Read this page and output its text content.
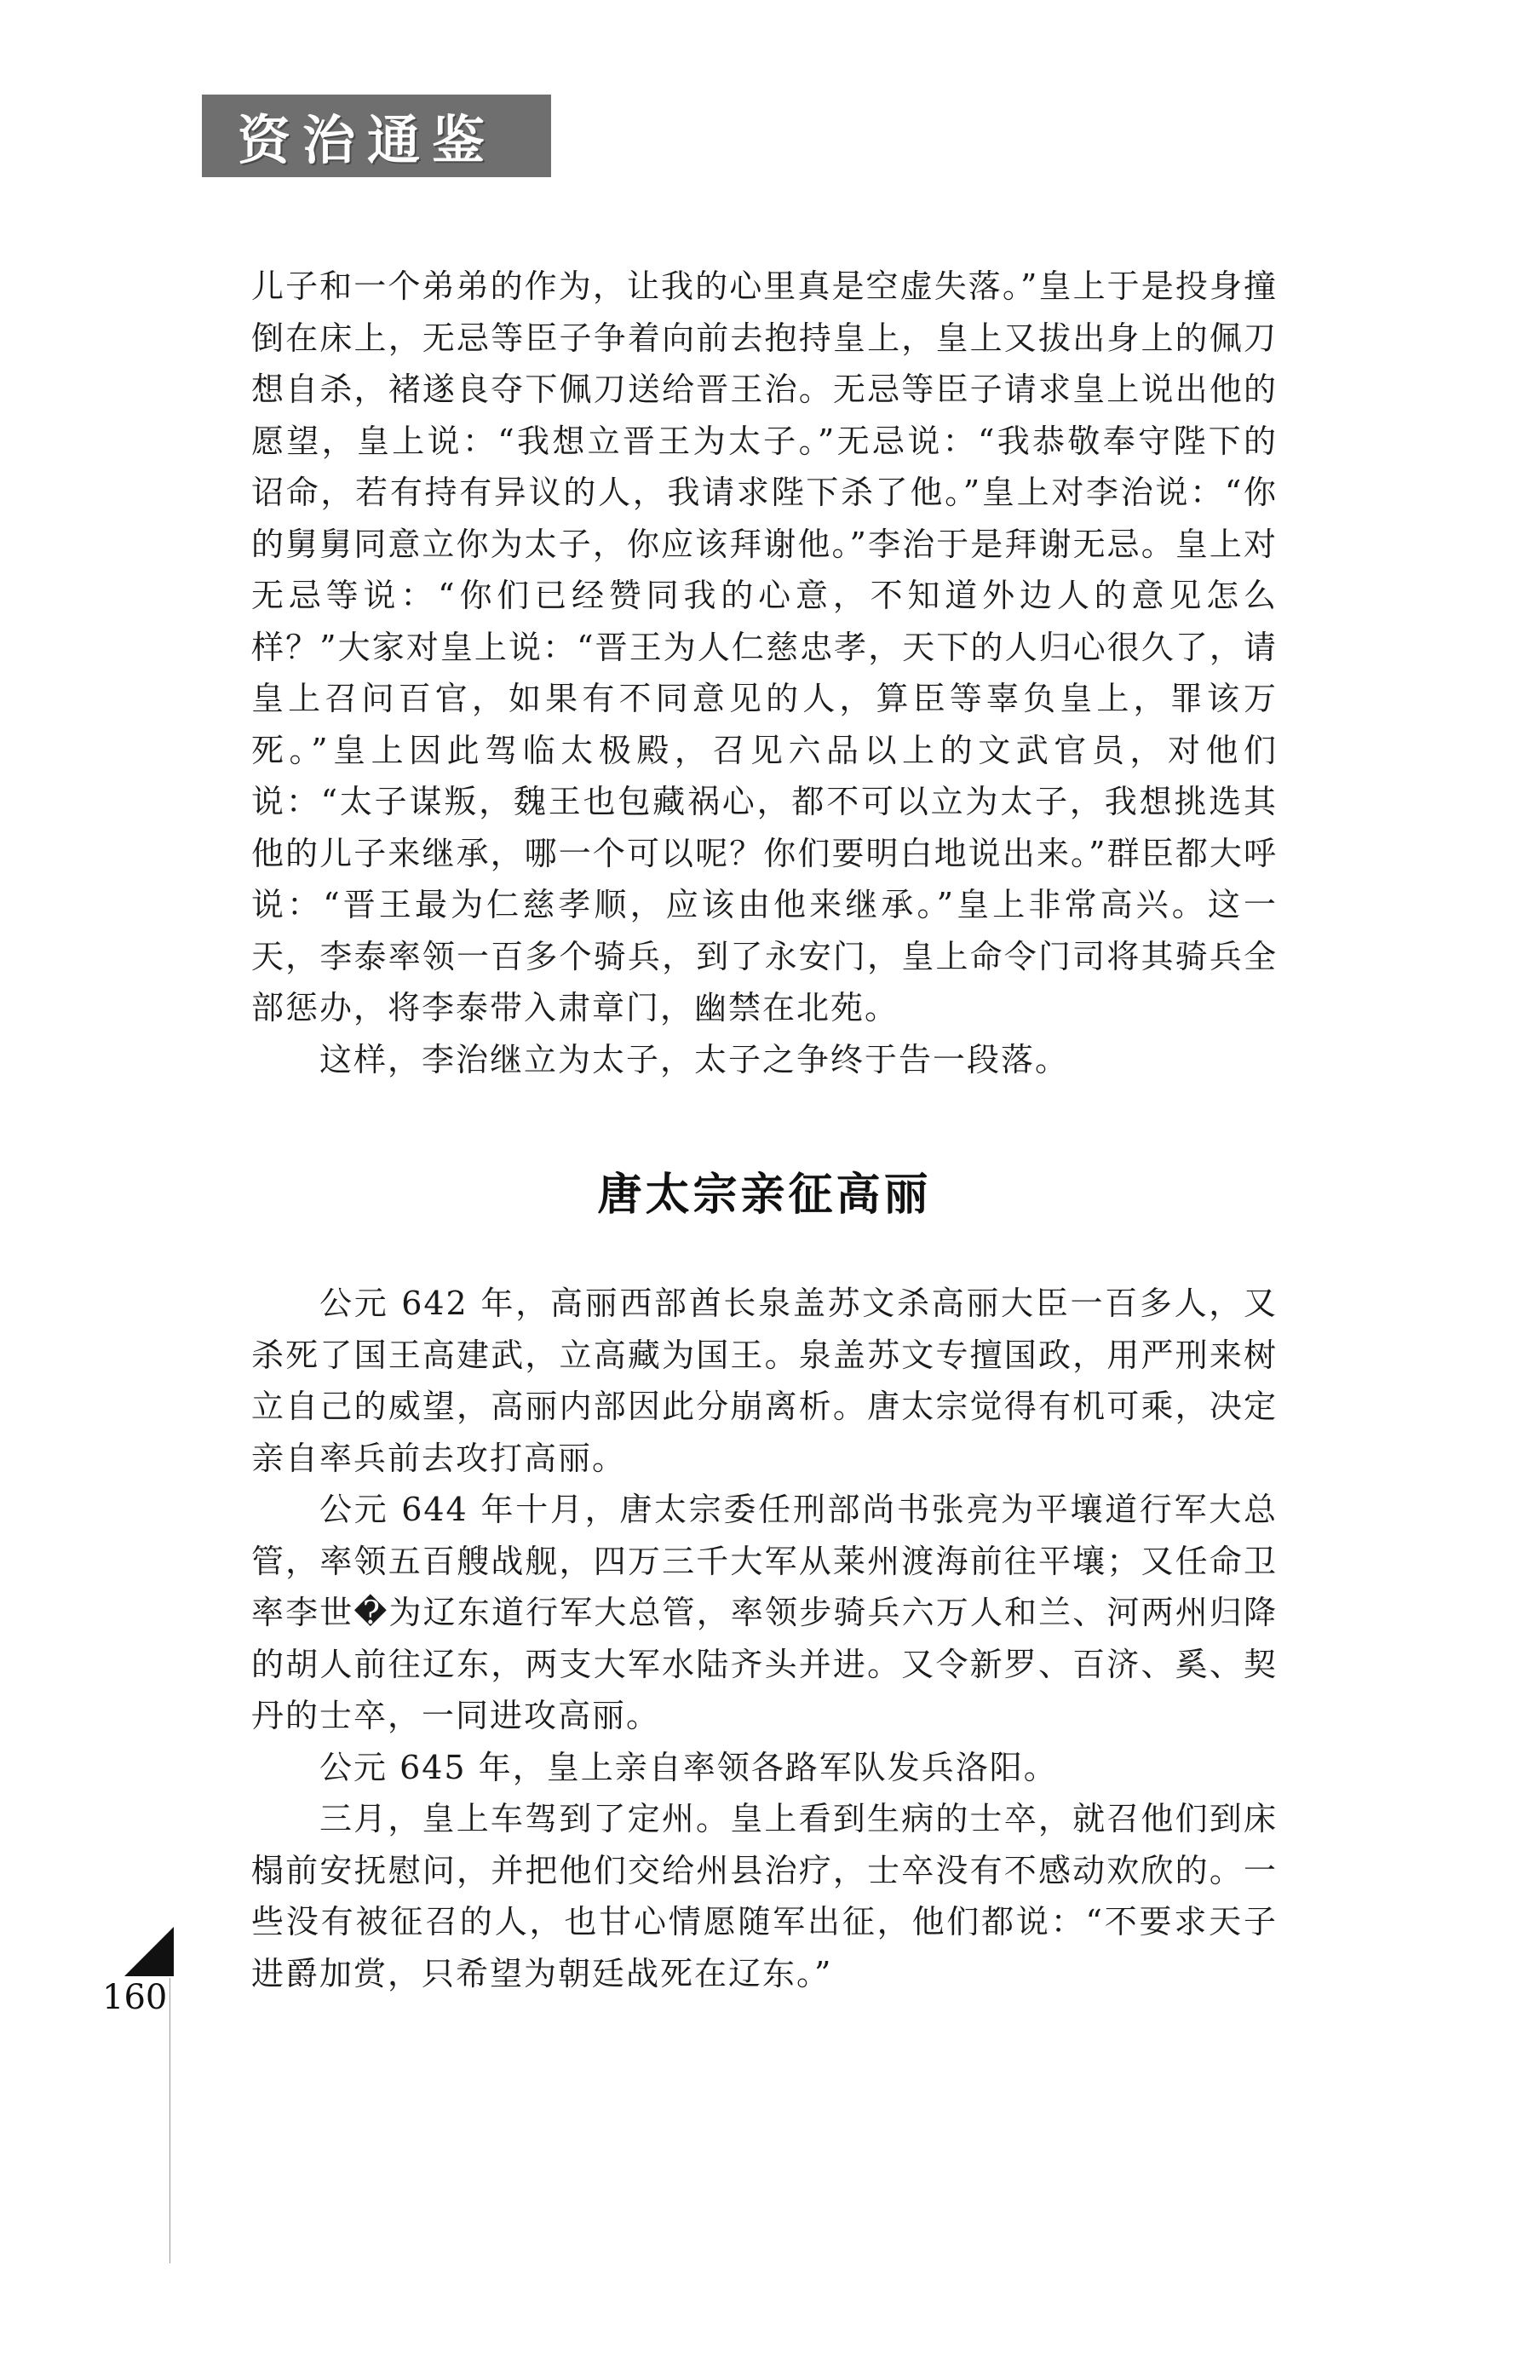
资治通鉴

儿子和一个弟弟的作为，让我的心里真是空虚失落。”皇上于是投身撞倒在床上，无忌等臣子争着向前去抱持皇上，皇上又拔出身上的佩刀想自杀，褚遂良夺下佩刀送给晋王治。无忌等臣子请求皇上说出他的愿望，皇上说：“我想立晋王为太子。”无忌说：“我恭敬奉守陛下的诏命，若有持有异议的人，我请求陛下杀了他。”皇上对李治说：“你的舅舅同意立你为太子，你应该拜谢他。”李治于是拜谢无忌。皇上对无忌等说：“你们已经赞同我的心意，不知道外边人的意见怎么样？”大家对皇上说：“晋王为人仁慈忠孝，天下的人归心很久了，请皇上召问百官，如果有不同意见的人，算臣等辜负皇上，罪该万死。”皇上因此驾临太极殿，召见六品以上的文武官员，对他们说：“太子谋叛，魏王也包藏祸心，都不可以立为太子，我想挑选其他的儿子来继承，哪一个可以呢？你们要明白地说出来。”群臣都大呼说：“晋王最为仁慈孝顺，应该由他来继承。”皇上非常高兴。这一天，李泰率领一百多个骑兵，到了永安门，皇上命令门司将其骑兵全部惩办，将李泰带入肃章门，幽禁在北苑。

这样，李治继立为太子，太子之争终于告一段落。

唐太宗亲征高丽

公元 642 年，高丽西部酋长泉盖苏文杀高丽大臣一百多人，又杀死了国王高建武，立高藏为国王。泉盖苏文专擅国政，用严刑来树立自己的威望，高丽内部因此分崩离析。唐太宗觉得有机可乘，决定亲自率兵前去攻打高丽。

公元 644 年十月，唐太宗委任刑部尚书张亮为平壤道行军大总管，率领五百艘战舰，四万三千大军从莱州渡海前往平壤；又任命卫率李世�为辽东道行军大总管，率领步骑兵六万人和兰、河两州归降的胡人前往辽东，两支大军水陆齐头并进。又令新罗、百济、奚、契丹的士卒，一同进攻高丽。

公元 645 年，皇上亲自率领各路军队发兵洛阳。

三月，皇上车驾到了定州。皇上看到生病的士卒，就召他们到床榻前安抚慰问，并把他们交给州县治疗，士卒没有不感动欢欣的。一些没有被征召的人，也甘心情愿随军出征，他们都说：“不要求天子进爵加赏，只希望为朝廷战死在辽东。”

160
